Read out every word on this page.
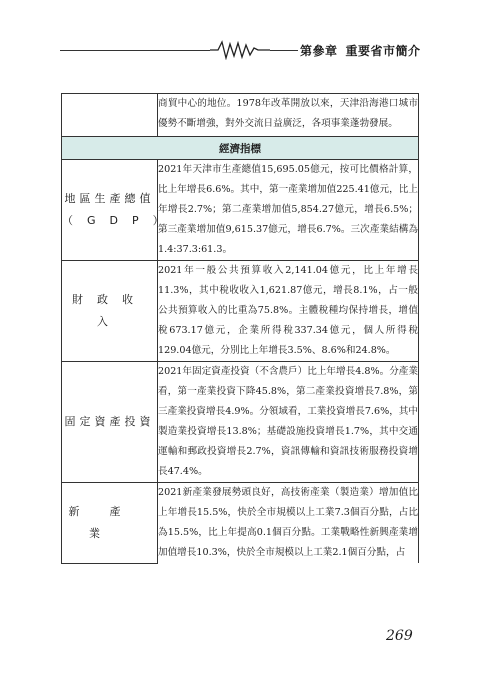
第參章 重要省市簡介

	商貿中心的地位。1978年改革開放以來，天津沿海港口城市優勢不斷增強，對外交流日益廣泛，各項事業蓬勃發展。

經濟指標	

地區生產總值
（GDP）	2021年天津市生產總值15,695.05億元，按可比價格計算，比上年增長6.6%。其中，第一產業增加值225.41億元，比上年增長2.7%；第二產業增加值5,854.27億元，增長6.5%；第三產業增加值9,615.37億元，增長6.7%。三次產業結構為1.4:37.3:61.3。

財政收入	2021年一般公共預算收入2,141.04億元，比上年增長11.3%，其中稅收收入1,621.87億元，增長8.1%，占一般公共預算收入的比重為75.8%。主體稅種均保持增長，增值稅673.17億元，企業所得稅337.34億元，個人所得稅129.04億元，分別比上年增長3.5%、8.6%和24.8%。

固定資產投資	2021年固定資產投資（不含農戶）比上年增長4.8%。分產業看，第一產業投資下降45.8%，第二產業投資增長7.8%，第三產業投資增長4.9%。分領域看，工業投資增長7.6%，其中製造業投資增長13.8%；基礎設施投資增長1.7%，其中交通運輸和郵政投資增長2.7%，資訊傳輸和資訊技術服務投資增長47.4%。

新產業	2021新產業發展勢頭良好，高技術產業（製造業）增加值比上年增長15.5%，快於全市規模以上工業7.3個百分點，占比為15.5%，比上年提高0.1個百分點。工業戰略性新興產業增加值增長10.3%，快於全市規模以上工業2.1個百分點，占

269
